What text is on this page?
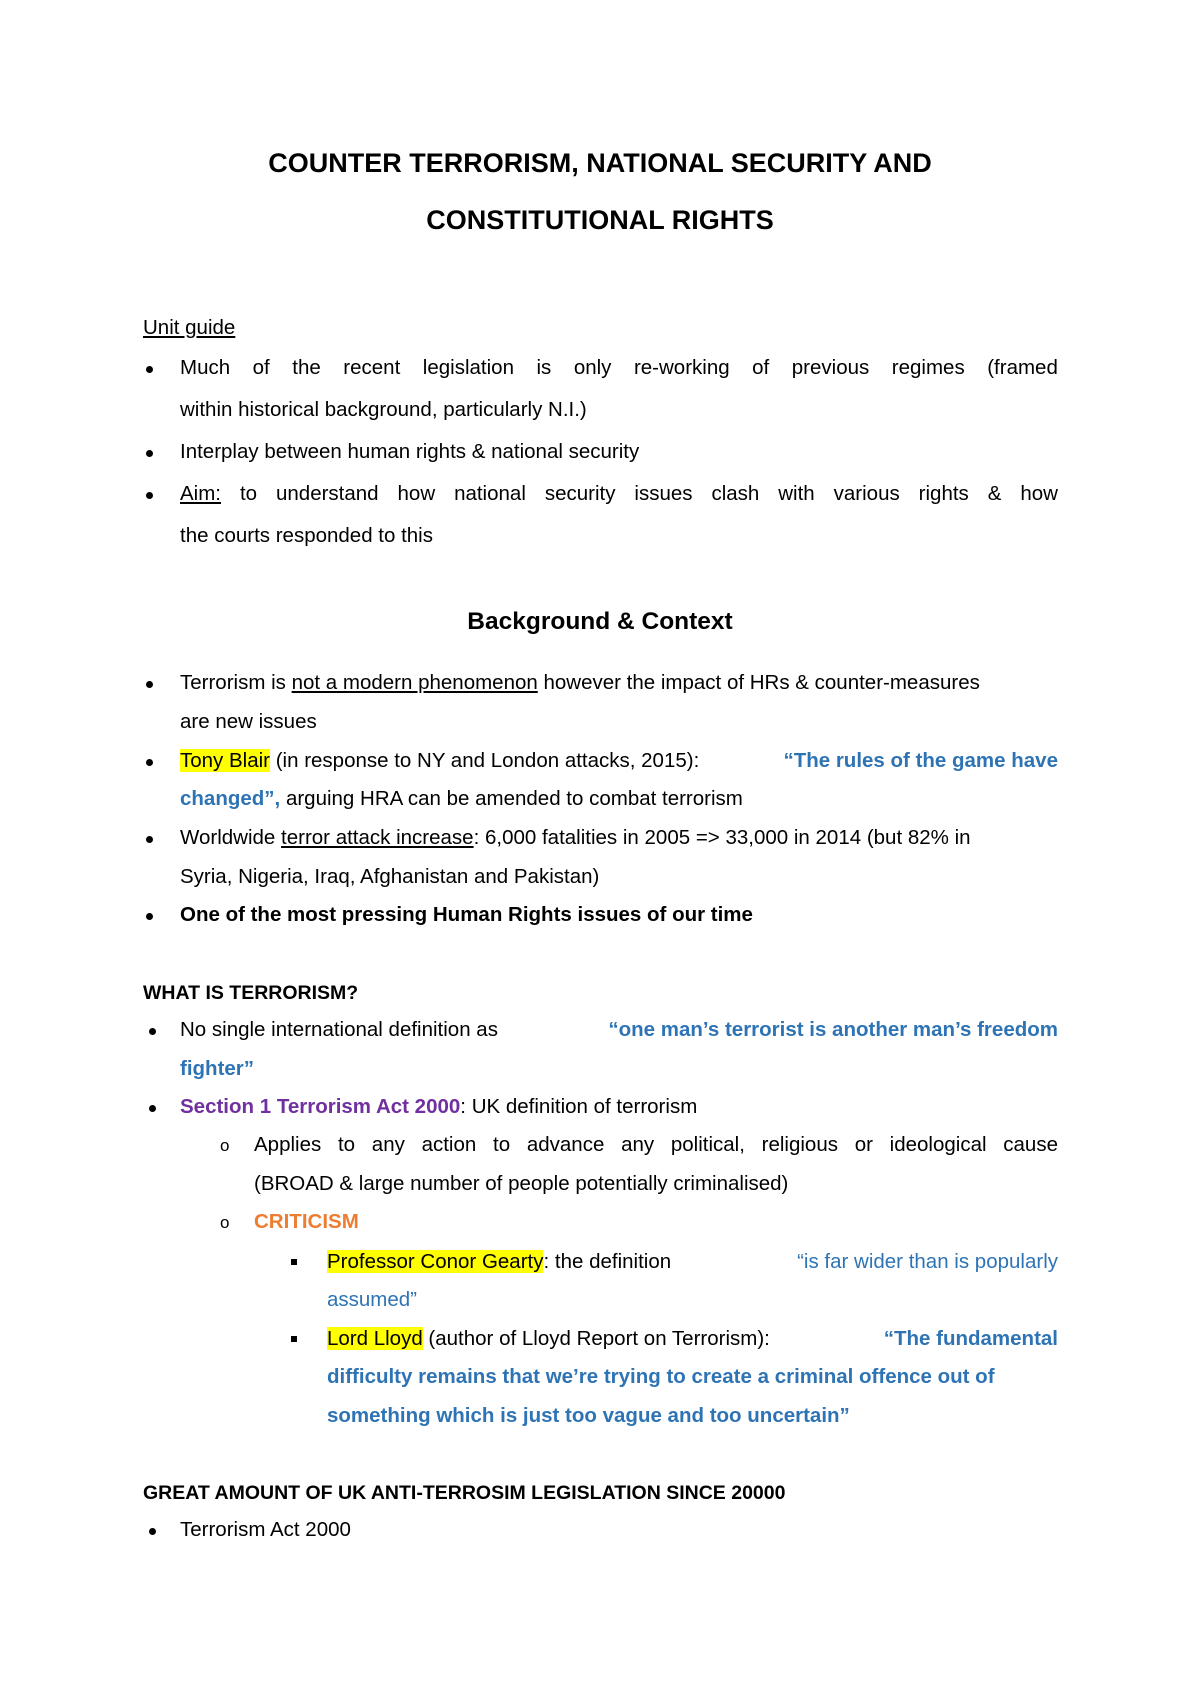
COUNTER TERRORISM, NATIONAL SECURITY AND
CONSTITUTIONAL RIGHTS
Unit guide
Much of the recent legislation is only re-working of previous regimes (framed
within historical background, particularly N.I.)
Interplay between human rights & national security
Aim: to understand how national security issues clash with various rights & how
the courts responded to this
Background & Context
Terrorism is not a modern phenomenon however the impact of HRs & counter-measures
are new issues
Tony Blair (in response to NY and London attacks, 2015):	“The rules of the game have
changed”, arguing HRA can be amended to combat terrorism
Worldwide terror attack increase: 6,000 fatalities in 2005 => 33,000 in 2014 (but 82% in
Syria, Nigeria, Iraq, Afghanistan and Pakistan)
One of the most pressing Human Rights issues of our time
WHAT IS TERRORISM?
No single international definition as	“one man’s terrorist is another man’s freedom
fighter”
Section 1 Terrorism Act 2000: UK definition of terrorism
o Applies to any action to advance any political, religious or ideological cause
(BROAD & large number of people potentially criminalised)
o CRITICISM
Professor Conor Gearty: the definition	“is far wider than is popularly
assumed”
Lord Lloyd (author of Lloyd Report on Terrorism):	“The fundamental
difficulty remains that we’re trying to create a criminal offence out of
something which is just too vague and too uncertain”
GREAT AMOUNT OF UK ANTI-TERROSIM LEGISLATION SINCE 20000
Terrorism Act 2000
